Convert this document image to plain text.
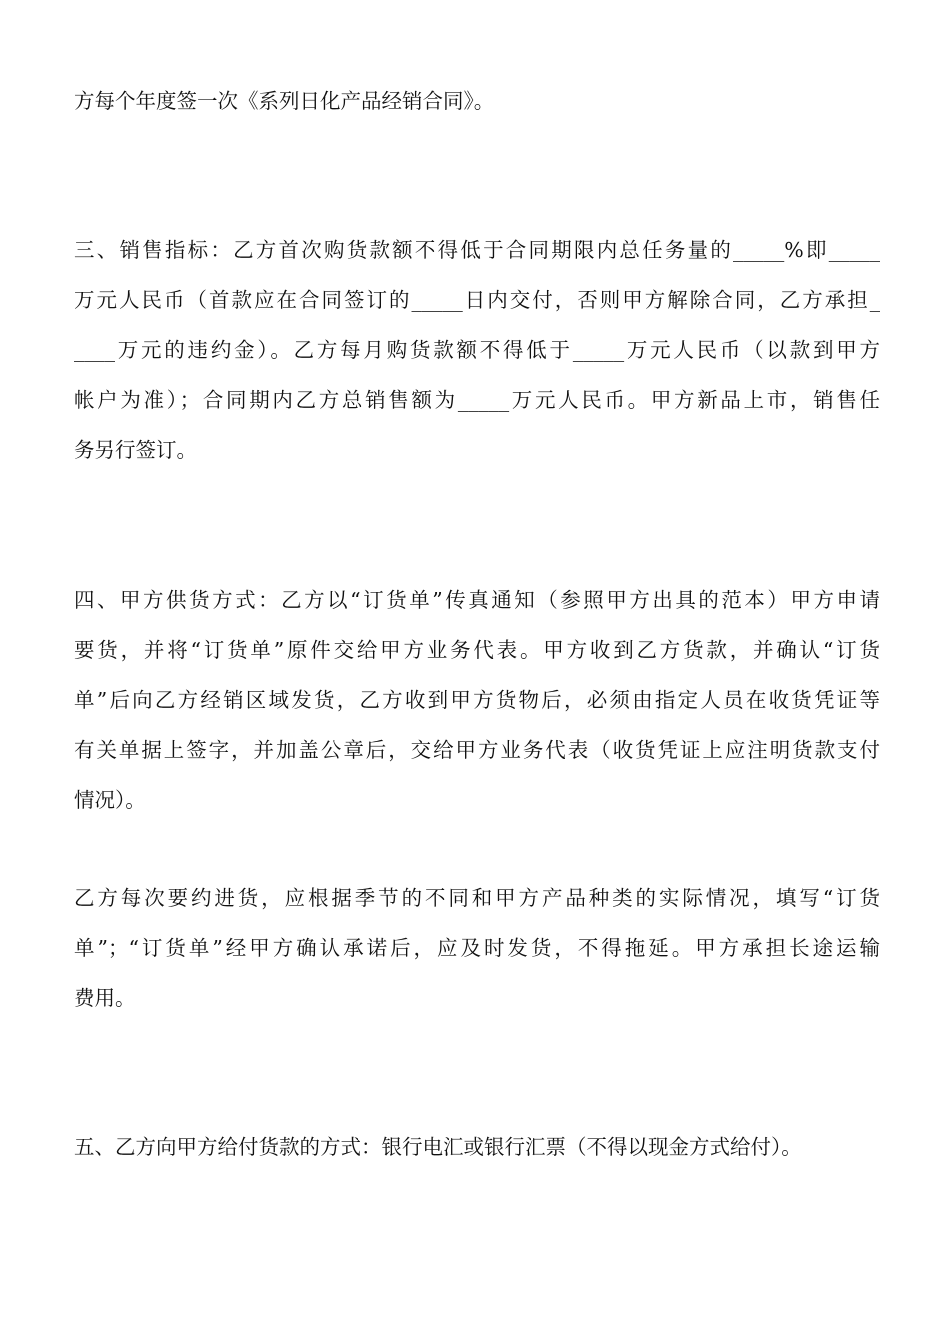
方每个年度签一次《系列日化产品经销合同》。
三、销售指标：乙方首次购货款额不得低于合同期限内总任务量的_____%即_____
万元人民币（首款应在合同签订的_____日内交付，否则甲方解除合同，乙方承担_
____万元的违约金）。乙方每月购货款额不得低于_____万元人民币（以款到甲方
帐户为准）；合同期内乙方总销售额为_____万元人民币。甲方新品上市，销售任
务另行签订。
四、甲方供货方式：乙方以“订货单”传真通知（参照甲方出具的范本）甲方申请
要货，并将“订货单”原件交给甲方业务代表。甲方收到乙方货款，并确认“订货
单”后向乙方经销区域发货，乙方收到甲方货物后，必须由指定人员在收货凭证等
有关单据上签字，并加盖公章后，交给甲方业务代表（收货凭证上应注明货款支付
情况）。
乙方每次要约进货，应根据季节的不同和甲方产品种类的实际情况，填写“订货
单”；“订货单”经甲方确认承诺后，应及时发货，不得拖延。甲方承担长途运输
费用。
五、乙方向甲方给付货款的方式：银行电汇或银行汇票（不得以现金方式给付）。
